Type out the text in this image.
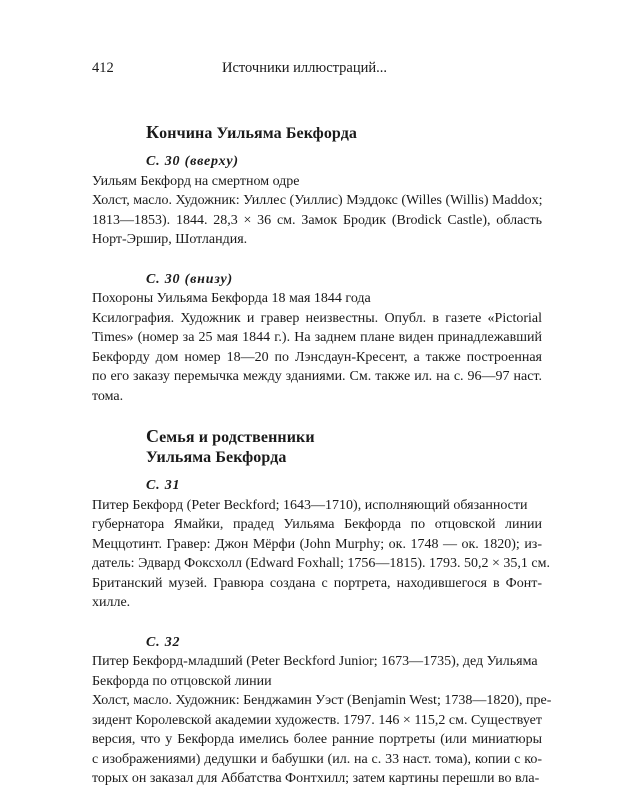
412	Источники иллюстраций...
Кончина Уильяма Бекфорда
С. 30 (вверху)
Уильям Бекфорд на смертном одре
Холст, масло. Художник: Уиллес (Уиллис) Мэддокс (Willes (Willis) Maddox;
1813—1853). 1844. 28,3 × 36 см. Замок Бродик (Brodick Castle), область
Норт-Эршир, Шотландия.
С. 30 (внизу)
Похороны Уильяма Бекфорда 18 мая 1844 года
Ксилография. Художник и гравер неизвестны. Опубл. в газете «Pictorial
Times» (номер за 25 мая 1844 г.). На заднем плане виден принадлежавший
Бекфорду дом номер 18—20 по Лэнсдаун-Кресент, а также построенная
по его заказу перемычка между зданиями. См. также ил. на с. 96—97 наст.
тома.
Семья и родственники
Уильяма Бекфорда
С. 31
Питер Бекфорд (Peter Beckford; 1643—1710), исполняющий обязанности
губернатора Ямайки, прадед Уильяма Бекфорда по отцовской линии
Меццотинт. Гравер: Джон Мёрфи (John Murphy; ок. 1748 — ок. 1820); из-
датель: Эдвард Фоксхолл (Edward Foxhall; 1756—1815). 1793. 50,2 × 35,1 см.
Британский музей. Гравюра создана с портрета, находившегося в Фонт-
хилле.
С. 32
Питер Бекфорд-младший (Peter Beckford Junior; 1673—1735), дед Уильяма
Бекфорда по отцовской линии
Холст, масло. Художник: Бенджамин Уэст (Benjamin West; 1738—1820), пре-
зидент Королевской академии художеств. 1797. 146 × 115,2 см. Существует
версия, что у Бекфорда имелись более ранние портреты (или миниатюры
с изображениями) дедушки и бабушки (ил. на с. 33 наст. тома), копии с ко-
торых он заказал для Аббатства Фонтхилл; затем картины перешли во вла-
